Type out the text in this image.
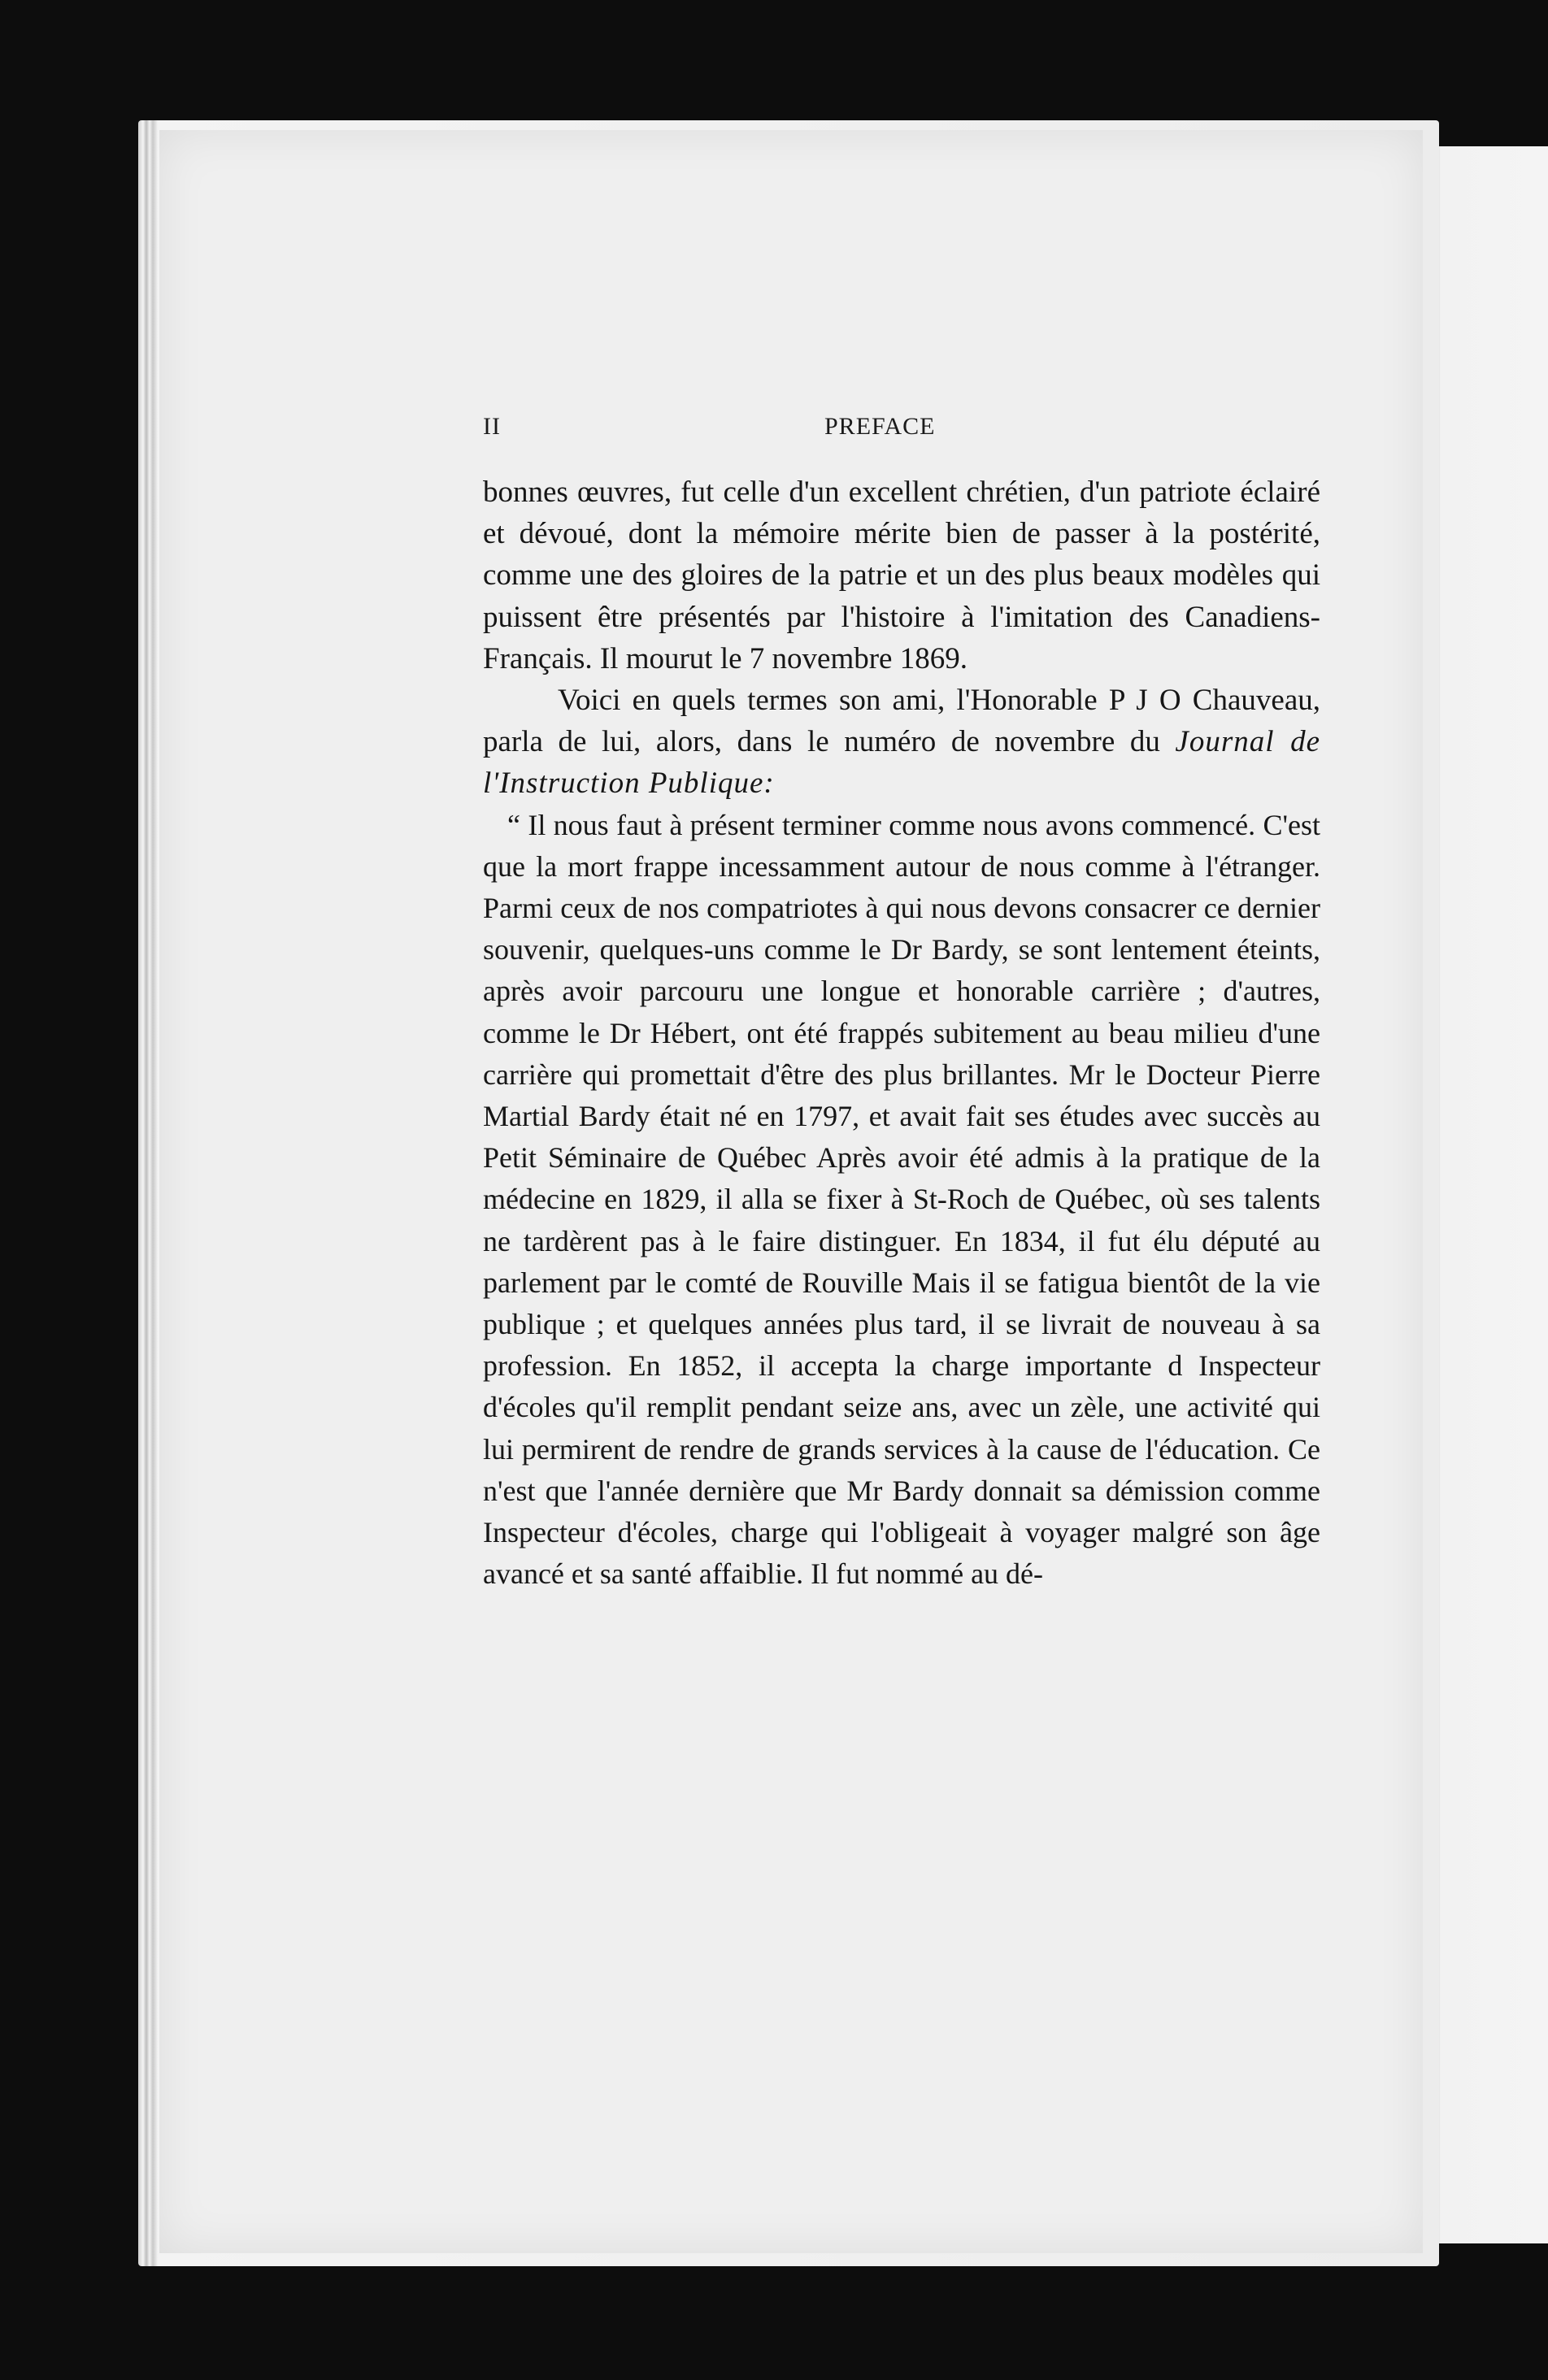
II	PREFACE

bonnes œuvres, fut celle d'un excellent chrétien, d'un patriote éclairé et dévoué, dont la mémoire mérite bien de passer à la postérité, comme une des gloires de la patrie et un des plus beaux modèles qui puissent être présentés par l'histoire à l'imitation des Canadiens-Français. Il mourut le 7 novembre 1869.

Voici en quels termes son ami, l'Honorable P J O Chauveau, parla de lui, alors, dans le numéro de novembre du Journal de l'Instruction Publique:

“ Il nous faut à présent terminer comme nous avons commencé. C'est que la mort frappe incessamment autour de nous comme à l'étranger. Parmi ceux de nos compatriotes à qui nous devons consacrer ce dernier souvenir, quelques-uns comme le Dr Bardy, se sont lentement éteints, après avoir parcouru une longue et honorable carrière ; d'autres, comme le Dr Hébert, ont été frappés subitement au beau milieu d'une carrière qui promettait d'être des plus brillantes. Mr le Docteur Pierre Martial Bardy était né en 1797, et avait fait ses études avec succès au Petit Séminaire de Québec Après avoir été admis à la pratique de la médecine en 1829, il alla se fixer à St-Roch de Québec, où ses talents ne tardèrent pas à le faire distinguer. En 1834, il fut élu député au parlement par le comté de Rouville Mais il se fatigua bientôt de la vie publique ; et quelques années plus tard, il se livrait de nouveau à sa profession. En 1852, il accepta la charge importante d Inspecteur d'écoles qu'il remplit pendant seize ans, avec un zèle, une activité qui lui permirent de rendre de grands services à la cause de l'éducation. Ce n'est que l'année dernière que Mr Bardy donnait sa démission comme Inspecteur d'écoles, charge qui l'obligeait à voyager malgré son âge avancé et sa santé affaiblie. Il fut nommé au dé-
